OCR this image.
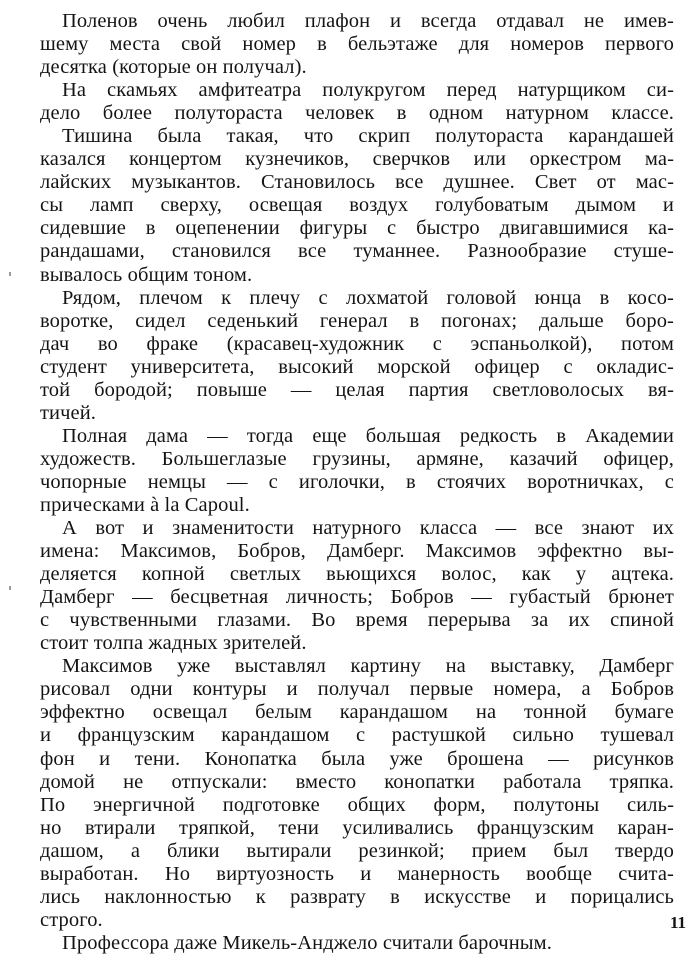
Поленов очень любил плафон и всегда отдавал не имев-
шему места свой номер в бельэтаже для номеров первого
десятка (которые он получал).
На скамьях амфитеатра полукругом перед натурщиком си-
дело более полутораста человек в одном натурном классе.
Тишина была такая, что скрип полутораста карандашей
казался концертом кузнечиков, сверчков или оркестром ма-
лайских музыкантов. Становилось все душнее. Свет от мас-
сы ламп сверху, освещая воздух голубоватым дымом и
сидевшие в оцепенении фигуры с быстро двигавшимися ка-
рандашами, становился все туманнее. Разнообразие стуше-
вывалось общим тоном.
Рядом, плечом к плечу с лохматой головой юнца в косо-
воротке, сидел седенький генерал в погонах; дальше боро-
дач во фраке (красавец-художник с эспаньолкой), потом
студент университета, высокий морской офицер с окладис-
той бородой; повыше — целая партия светловолосых вя-
тичей.
Полная дама — тогда еще большая редкость в Академии
художеств. Большеглазые грузины, армяне, казачий офицер,
чопорные немцы — с иголочки, в стоячих воротничках, с
прическами à la Capoul.
А вот и знаменитости натурного класса — все знают их
имена: Максимов, Бобров, Дамберг. Максимов эффектно вы-
деляется копной светлых вьющихся волос, как у ацтека.
Дамберг — бесцветная личность; Бобров — губастый брюнет
с чувственными глазами. Во время перерыва за их спиной
стоит толпа жадных зрителей.
Максимов уже выставлял картину на выставку, Дамберг
рисовал одни контуры и получал первые номера, а Бобров
эффектно освещал белым карандашом на тонной бумаге
и французским карандашом с растушкой сильно тушевал
фон и тени. Конопатка была уже брошена — рисунков
домой не отпускали: вместо конопатки работала тряпка.
По энергичной подготовке общих форм, полутоны силь-
но втирали тряпкой, тени усиливались французским каран-
дашом, а блики вытирали резинкой; прием был твердо
выработан. Но виртуозность и манерность вообще счита-
лись наклонностью к разврату в искусстве и порицались
строго.
Профессора даже Микель-Анджело считали барочным.
11
